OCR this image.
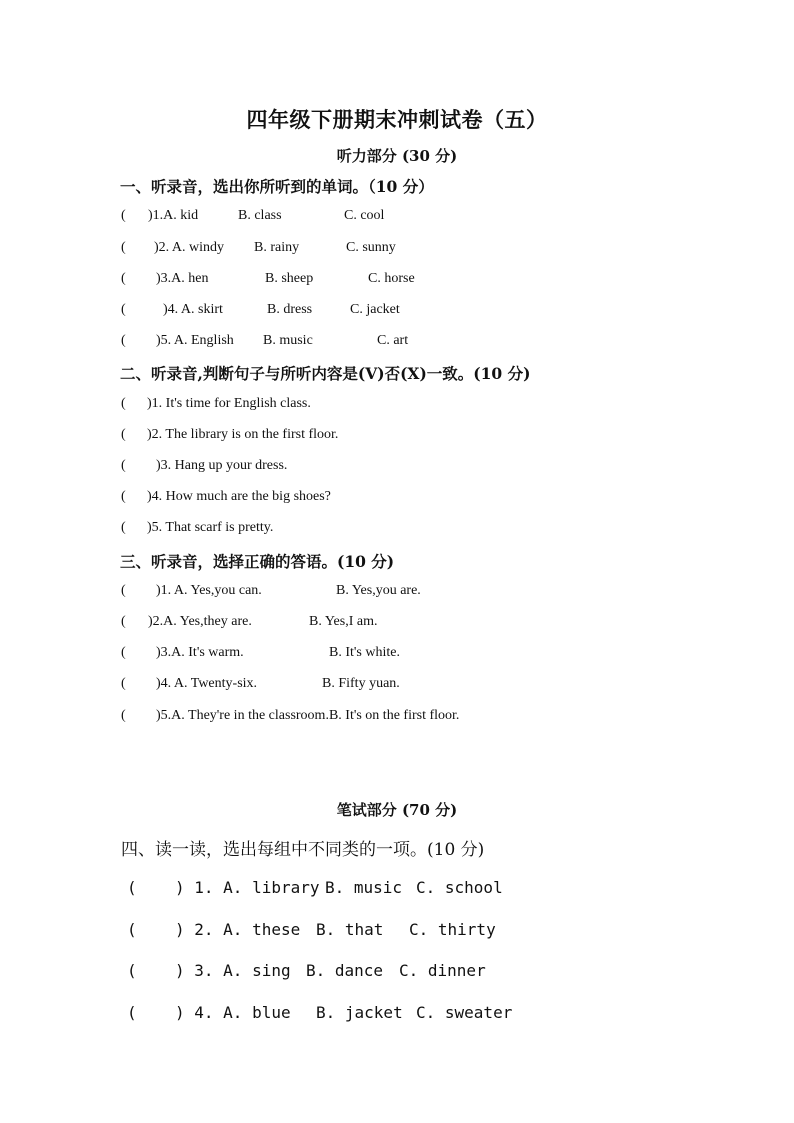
四年级下册期末冲刺试卷（五）
听力部分 (30 分)
一、听录音，选出你所听到的单词。（10 分）
( )1.A. kid	B. class	C. cool
( )2. A. windy B. rainy	C. sunny
( )3.A. hen	B. sheep	C. horse
(	)4. A. skirt	B. dress	C. jacket
( )5. A. English B. music	C. art
二、听录音,判断句子与所听内容是(V)否(X)一致。(10 分)
( )1. It's time for English class.
( )2. The library is on the first floor.
( )3. Hang up your dress.
( )4. How much are the big shoes?
( )5. That scarf is pretty.
三、听录音，选择正确的答语。(10 分)
( )1. A. Yes,you can.	B. Yes,you are.
( )2.A. Yes,they are.	B. Yes,I am.
( )3.A. It's warm.	B. It's white.
( )4. A. Twenty-six.	B. Fifty yuan.
( )5.A. They're in the classroom.B. It's on the first floor.
笔试部分 (70 分)
四、读一读，选出每组中不同类的一项。(10 分)
( ) 1. A. library B. music C. school
( ) 2. A. these B. that C. thirty
( ) 3. A. sing B. dance C. dinner
( ) 4. A. blue B. jacket C. sweater
